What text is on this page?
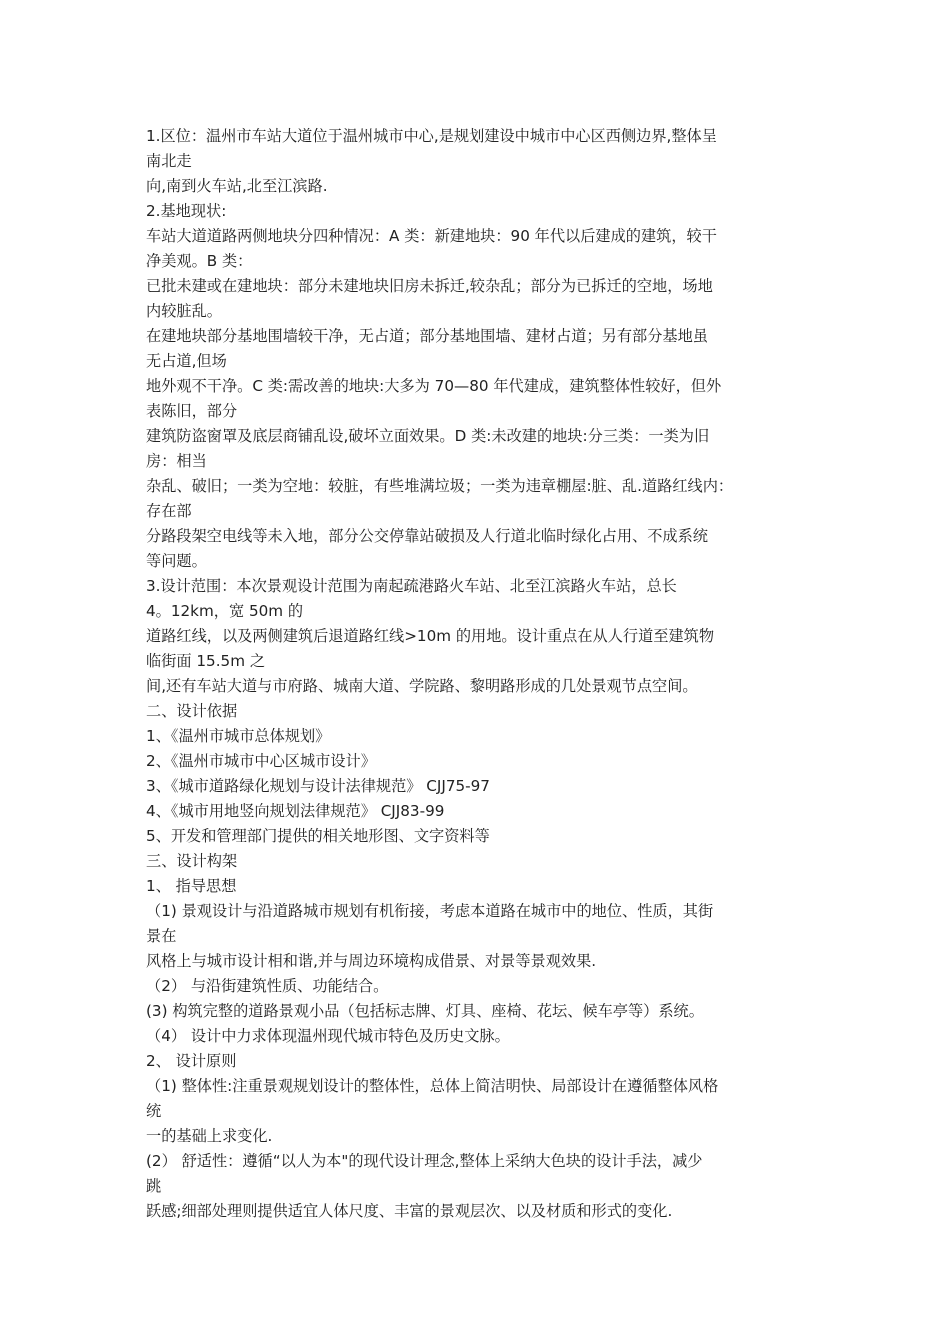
1.区位：温州市车站大道位于温州城市中心,是规划建设中城市中心区西侧边界,整体呈

南北走

向,南到火车站,北至江滨路.

2.基地现状:

车站大道道路两侧地块分四种情况：A 类：新建地块：90 年代以后建成的建筑，较干

净美观。B 类：

已批未建或在建地块：部分未建地块旧房未拆迁,较杂乱；部分为已拆迁的空地，场地

内较脏乱。

在建地块部分基地围墙较干净，无占道；部分基地围墙、建材占道；另有部分基地虽

无占道,但场

地外观不干净。C 类:需改善的地块:大多为 70—80 年代建成，建筑整体性较好，但外

表陈旧，部分

建筑防盗窗罩及底层商铺乱设,破坏立面效果。D 类:未改建的地块:分三类：一类为旧

房：相当

杂乱、破旧；一类为空地：较脏，有些堆满垃圾；一类为违章棚屋:脏、乱.道路红线内：

存在部

分路段架空电线等未入地，部分公交停靠站破损及人行道北临时绿化占用、不成系统

等问题。

3.设计范围：本次景观设计范围为南起疏港路火车站、北至江滨路火车站，总长

4。12km，宽 50m 的

道路红线，以及两侧建筑后退道路红线>10m 的用地。设计重点在从人行道至建筑物

临街面 15.5m 之

间,还有车站大道与市府路、城南大道、学院路、黎明路形成的几处景观节点空间。

二、设计依据

1、《温州市城市总体规划》

2、《温州市城市中心区城市设计》

3、《城市道路绿化规划与设计法律规范》 CJJ75-97

4、《城市用地竖向规划法律规范》 CJJ83-99

5、开发和管理部门提供的相关地形图、文字资料等

三、设计构架

1、 指导思想

（1) 景观设计与沿道路城市规划有机衔接，考虑本道路在城市中的地位、性质，其街

景在

风格上与城市设计相和谐,并与周边环境构成借景、对景等景观效果.

（2） 与沿街建筑性质、功能结合。

(3) 构筑完整的道路景观小品（包括标志牌、灯具、座椅、花坛、候车亭等）系统。

（4） 设计中力求体现温州现代城市特色及历史文脉。

2、 设计原则

（1) 整体性:注重景观规划设计的整体性，总体上简洁明快、局部设计在遵循整体风格

统

一的基础上求变化.

(2） 舒适性：遵循“以人为本"的现代设计理念,整体上采纳大色块的设计手法，减少

跳

跃感;细部处理则提供适宜人体尺度、丰富的景观层次、以及材质和形式的变化.
